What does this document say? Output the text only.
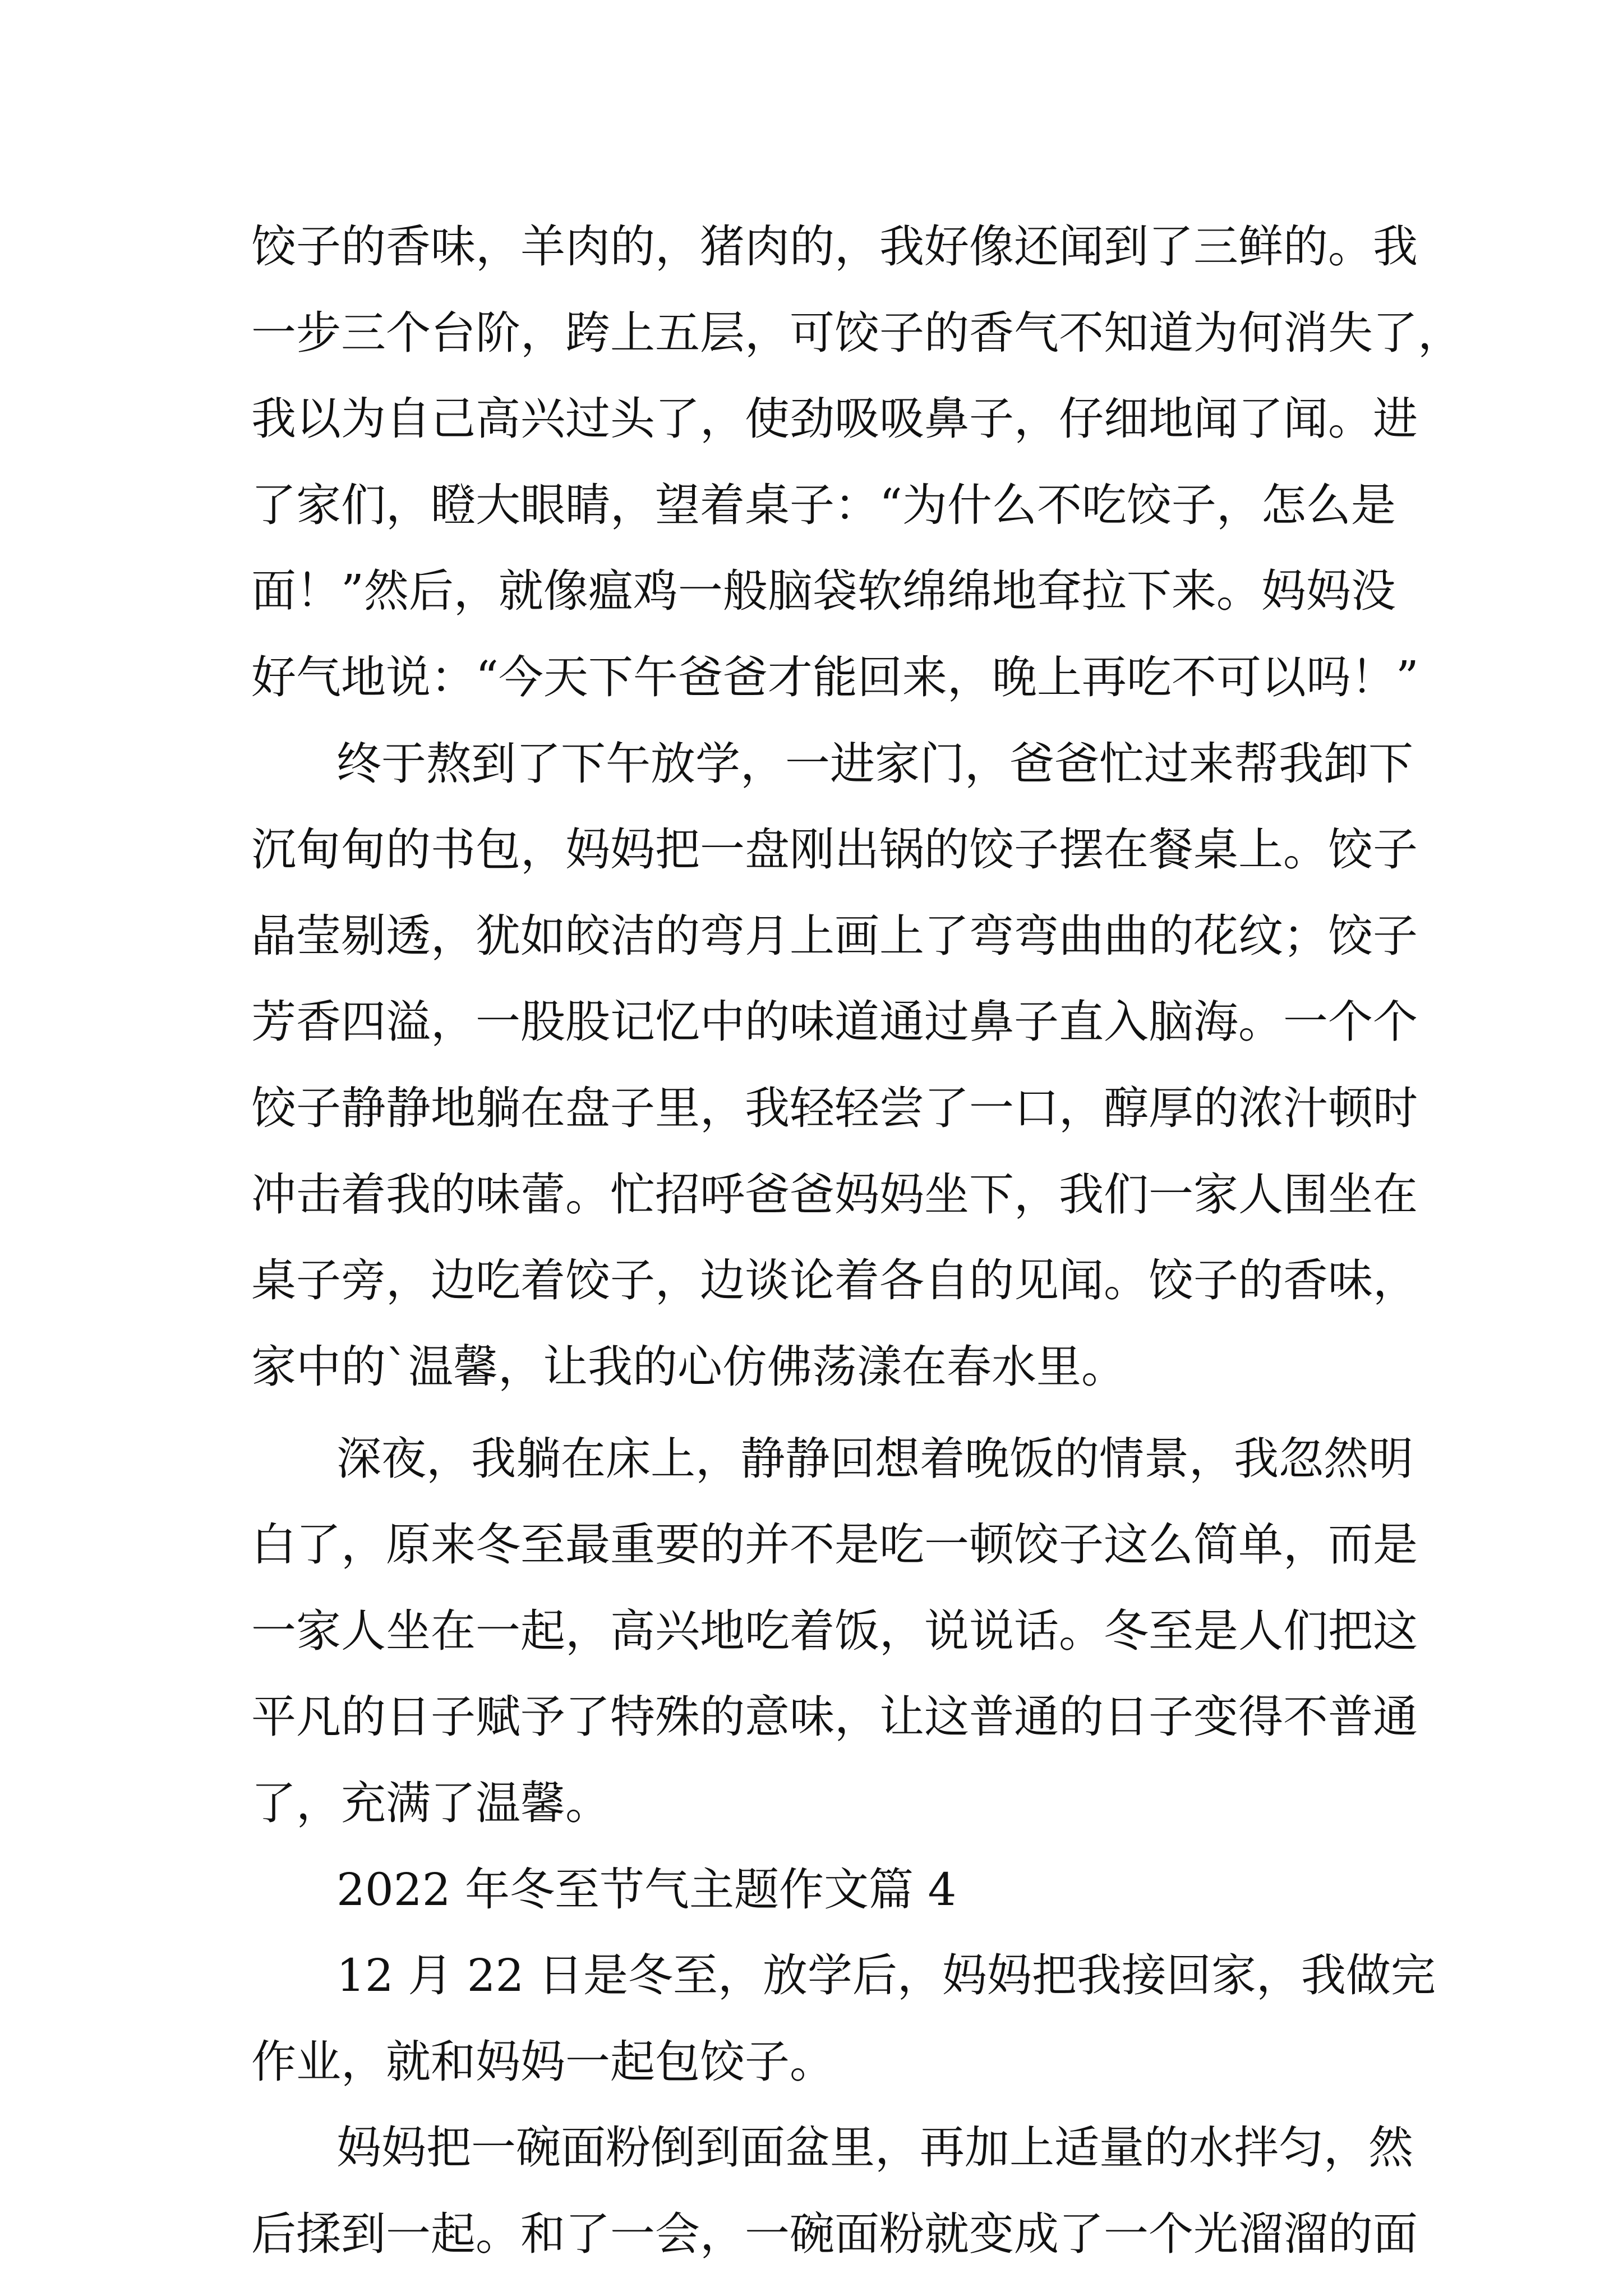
饺子的香味，羊肉的，猪肉的，我好像还闻到了三鲜的。我
一步三个台阶，跨上五层，可饺子的香气不知道为何消失了，
我以为自己高兴过头了，使劲吸吸鼻子，仔细地闻了闻。进
了家们，瞪大眼睛，望着桌子：“为什么不吃饺子，怎么是
面！”然后，就像瘟鸡一般脑袋软绵绵地耷拉下来。妈妈没
好气地说：“今天下午爸爸才能回来，晚上再吃不可以吗！”
终于熬到了下午放学，一进家门，爸爸忙过来帮我卸下
沉甸甸的书包，妈妈把一盘刚出锅的饺子摆在餐桌上。饺子
晶莹剔透，犹如皎洁的弯月上画上了弯弯曲曲的花纹；饺子
芳香四溢，一股股记忆中的味道通过鼻子直入脑海。一个个
饺子静静地躺在盘子里，我轻轻尝了一口，醇厚的浓汁顿时
冲击着我的味蕾。忙招呼爸爸妈妈坐下，我们一家人围坐在
桌子旁，边吃着饺子，边谈论着各自的见闻。饺子的香味，
家中的`温馨，让我的心仿佛荡漾在春水里。
深夜，我躺在床上，静静回想着晚饭的情景，我忽然明
白了，原来冬至最重要的并不是吃一顿饺子这么简单，而是
一家人坐在一起，高兴地吃着饭，说说话。冬至是人们把这
平凡的日子赋予了特殊的意味，让这普通的日子变得不普通
了，充满了温馨。
2022 年冬至节气主题作文篇 4
12 月 22 日是冬至，放学后，妈妈把我接回家，我做完
作业，就和妈妈一起包饺子。
妈妈把一碗面粉倒到面盆里，再加上适量的水拌匀，然
后揉到一起。和了一会，一碗面粉就变成了一个光溜溜的面
